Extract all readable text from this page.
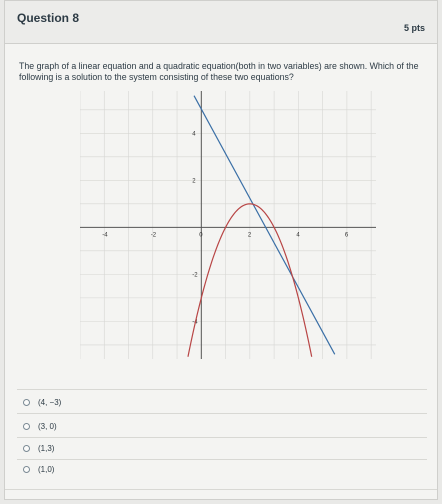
Question 8
5 pts
The graph of a linear equation and a quadratic equation(both in two variables) are shown. Which of the following is a solution to the system consisting of these two equations?
-4	-2	0	2	4	6
4
2
-2
-4
(4, −3)
(3, 0)
(1,3)
(1,0)
